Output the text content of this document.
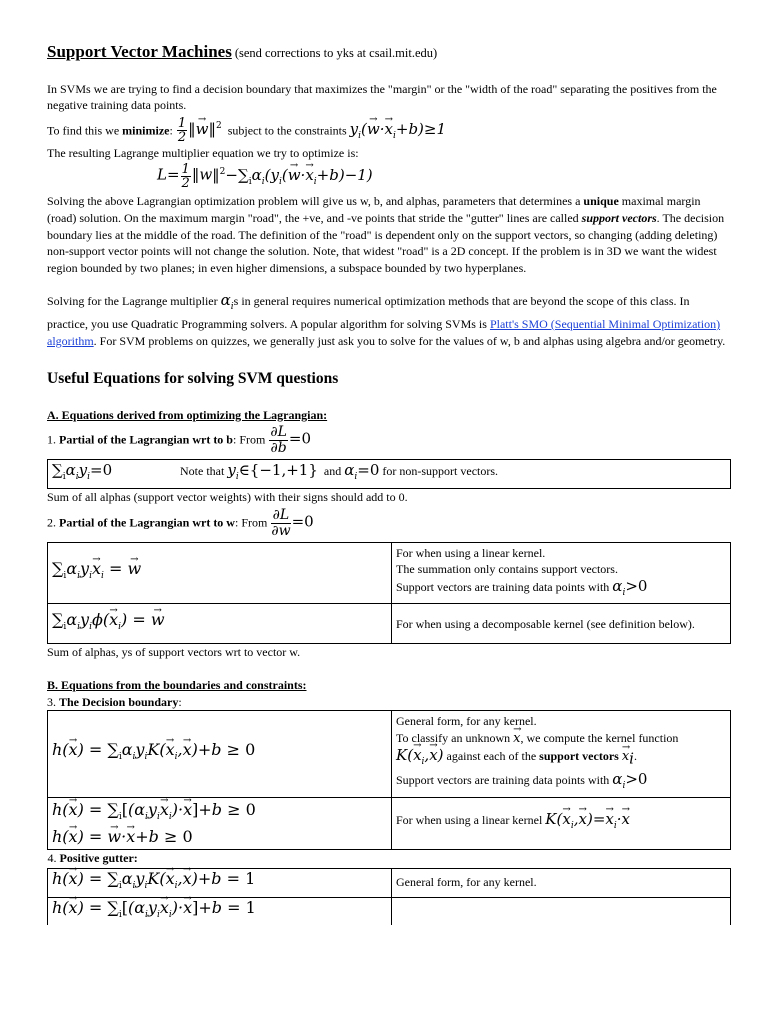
Support Vector Machines (send corrections to yks at csail.mit.edu)

In SVMs we are trying to find a decision boundary that maximizes the "margin" or the "width of the road" separating the positives from the negative training data points.

To find this we minimize: $\frac{1}{2}$ ‖→ w‖$^2$ subject to the constraints $y_i(\to w\cdot\to x_i+b)\ge 1$

The resulting Lagrange multiplier equation we try to optimize is:

$L= \frac{1}{2}$ $‖w‖^2-\sum_i\alpha_i(y_i(\to w\cdot\to x_i+b)-1)$

Solving the above Lagrangian optimization problem will give us w, b, and alphas, parameters that determines a unique maximal margin (road) solution. On the maximum margin "road", the +ve, and -ve points that stride the "gutter" lines are called support vectors. The decision boundary lies at the middle of the road. The definition of the "road" is dependent only on the support vectors, so changing (adding deleting) non-support vector points will not change the solution. Note, that widest "road" is a 2D concept. If the problem is in 3D we want the widest region bounded by two planes; in even higher dimensions, a subspace bounded by two hyperplanes.

Solving for the Lagrange multiplier $\alpha_is$ in general requires numerical optimization methods that are beyond the scope of this class. In practice, you use Quadratic Programming solvers. A popular algorithm for solving SVMs is Platt's SMO (Sequential Minimal Optimization) algorithm. For SVM problems on quizzes, we generally just ask you to solve for the values of w, b and alphas using algebra and/or geometry.

Useful Equations for solving SVM questions
A. Equations derived from optimizing the Lagrangian:

1. Partial of the Lagrangian wrt to b: From $\frac{\partial L}{\partial b} =0$

$\sum_i\alpha_iy_i=0$	Note that $y_i\in\{-1,+1\}$ and $\alpha_i=0$ for non-support vectors.

Sum of all alphas (support vector weights) with their signs should add to 0.

2. Partial of the Lagrangian wrt to w: From $\frac{\partial L}{\partial w} =0$

$\sum_i\alpha_iy_i\to x_i$ = → w	For when using a linear kernel.
The summation only contains support vectors.
Support vectors are training data points with $\alpha_i>0$

$\sum_i\alpha_iy_i\phi(\to x_i)$ = → w	For when using a decomposable kernel (see definition below).

Sum of alphas, ys of support vectors wrt to vector w.

B. Equations from the boundaries and constraints:

3. The Decision boundary:

$h(\to x) = \sum_i\alpha_iy_iK(\to x_i,\to x)+b \ge 0$	General form, for any kernel.
To classify an unknown → x, we compute the kernel function
$K(\to x_i,\to x)$ against each of the support vectors → $x_i$.
Support vectors are training data points with $\alpha_i>0$

$h(\to x) = \sum_i[(\alpha_iy_i\to x_i)\cdot\to x]+b \ge 0$
h(→ x) = → w·→ x+b ≥ 0	For when using a linear kernel $K(\to x_i,\to x)=\to x_i\cdot\to x$
4. Positive gutter:	
$h(\to x) = \sum_i\alpha_iy_iK(\to x_i,\to x)+b = 1$	General form, for any kernel.
$h(\to x) = \sum_i[(\alpha_iy_i\to x_i)\cdot\to x]+b = 1$	
